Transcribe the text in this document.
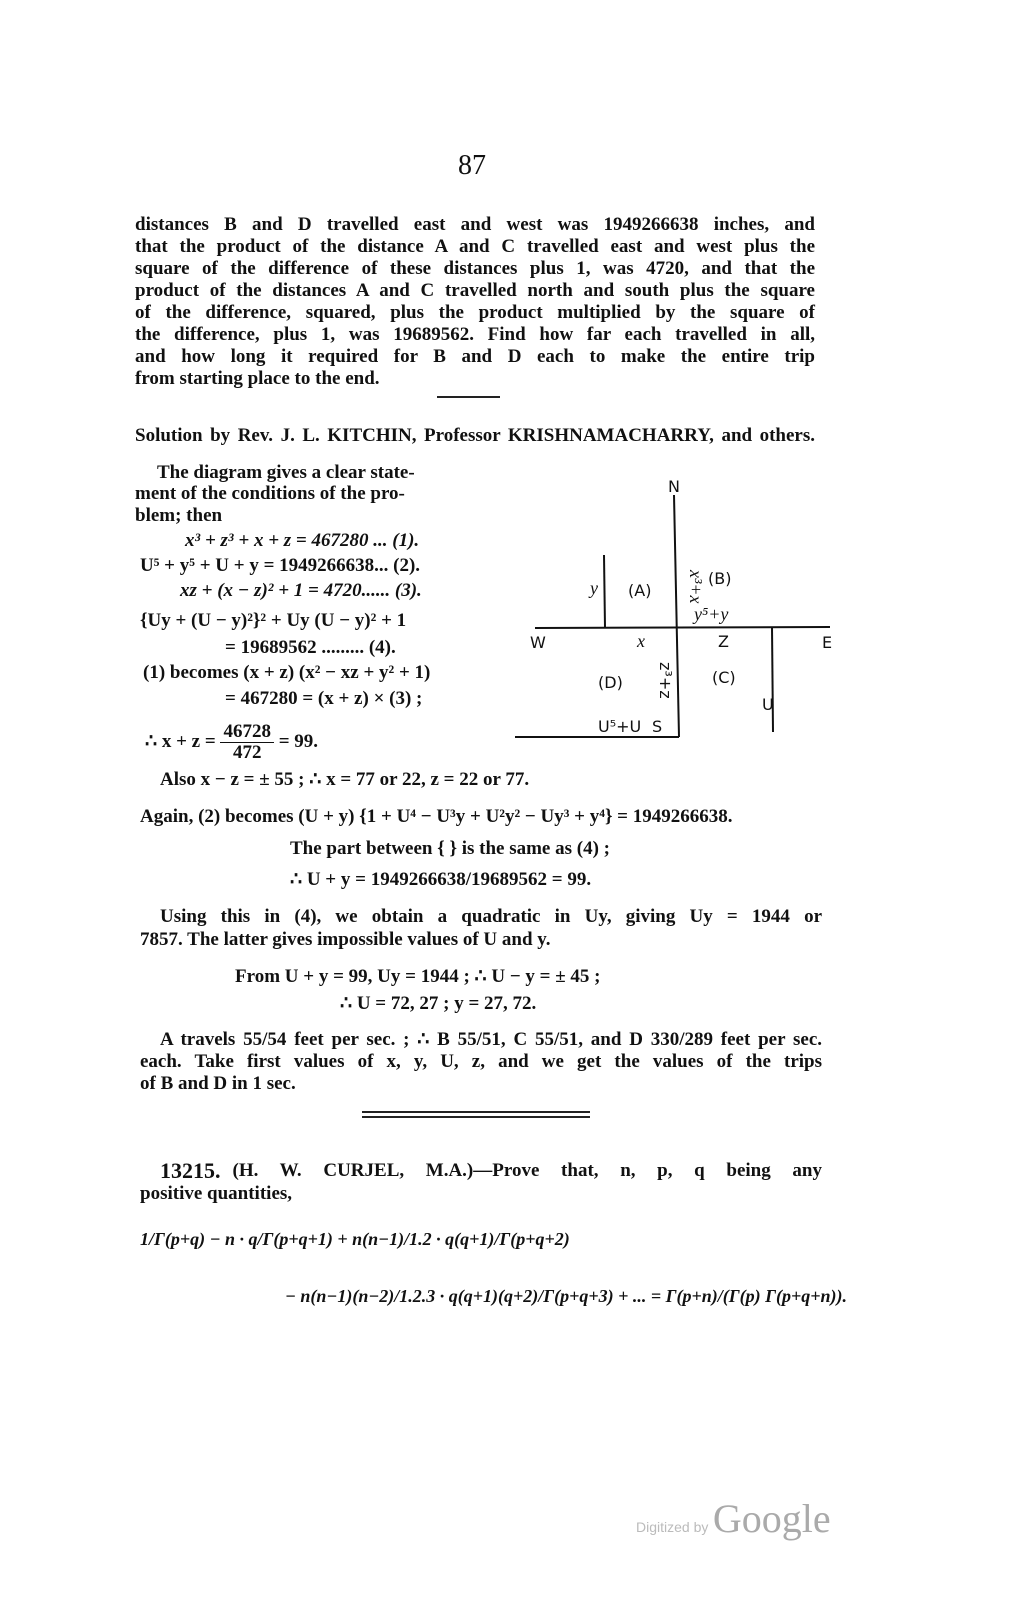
87
distances B and D travelled east and west was 1949266638 inches, and
that the product of the distance A and C travelled east and west plus the
square of the difference of these distances plus 1, was 4720, and that the
product of the distances A and C travelled north and south plus the square
of the difference, squared, plus the product multiplied by the square of
the difference, plus 1, was 19689562. Find how far each travelled in all,
and how long it required for B and D each to make the entire trip
from starting place to the end.
Solution by Rev. J. L. KITCHIN, Professor KRISHNAMACHARRY, and others.
The diagram gives a clear state-
ment of the conditions of the pro-
blem; then
x³ + z³ + x + z = 467280 ... (1).
U⁵ + y⁵ + U + y = 1949266638... (2).
xz + (x − z)² + 1 = 4720...... (3).
{Uy + (U − y)²}² + Uy (U − y)² + 1
= 19689562 ......... (4).
(1) becomes (x + z) (x² − xz + y² + 1)
= 467280 = (x + z) × (3) ;
∴ $x + z = \frac{46728}{472} = 99$.
N
S
W	E
(A)
(B)
(C)
(D)
y
x	Z
U
y⁵+y
U⁵+U
x³+x
z³+z
Also x − z = ± 55 ; ∴ x = 77 or 22, z = 22 or 77.
Again, (2) becomes (U + y) {1 + U⁴ − U³y + U²y² − Uy³ + y⁴} = 1949266638.
The part between { } is the same as (4) ;
∴ U + y = 1949266638/19689562 = 99.
Using this in (4), we obtain a quadratic in Uy, giving Uy = 1944 or
7857. The latter gives impossible values of U and y.
From U + y = 99, Uy = 1944 ; ∴ U − y = ± 45 ;
∴ U = 72, 27 ; y = 27, 72.
A travels 55/54 feet per sec. ; ∴ B 55/51, C 55/51, and D 330/289 feet per sec.
each. Take first values of x, y, U, z, and we get the values of the trips
of B and D in 1 sec.
13215. (H. W. CURJEL, M.A.)—Prove that, n, p, q being any
positive quantities,
1/Γ(p+q) − n · q/Γ(p+q+1) + n(n−1)/1.2 · q(q+1)/Γ(p+q+2)
− n(n−1)(n−2)/1.2.3 · q(q+1)(q+2)/Γ(p+q+3) + ... = Γ(p+n)/(Γ(p) Γ(p+q+n)).
Digitized by Google
